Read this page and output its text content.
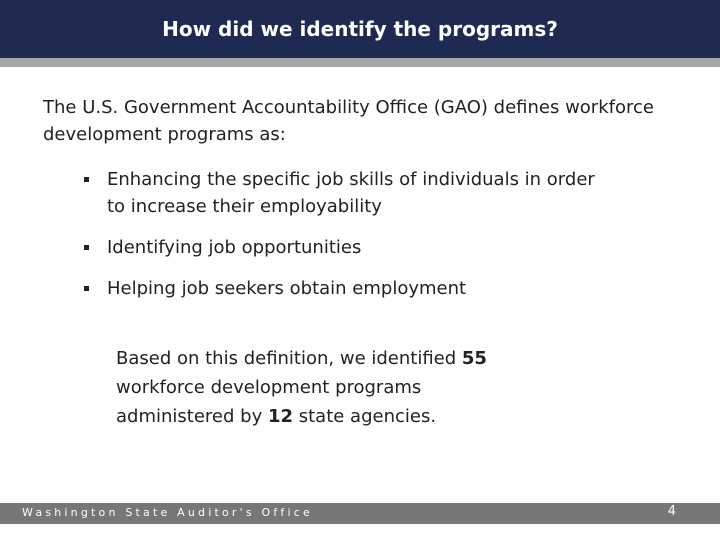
How did we identify the programs?

The U.S. Government Accountability Office (GAO) defines workforce development programs as:

Enhancing the specific job skills of individuals in order to increase their employability
Identifying job opportunities
Helping job seekers obtain employment

Based on this definition, we identified 55 workforce development programs administered by 12 state agencies.

Washington State Auditor's Office	4
